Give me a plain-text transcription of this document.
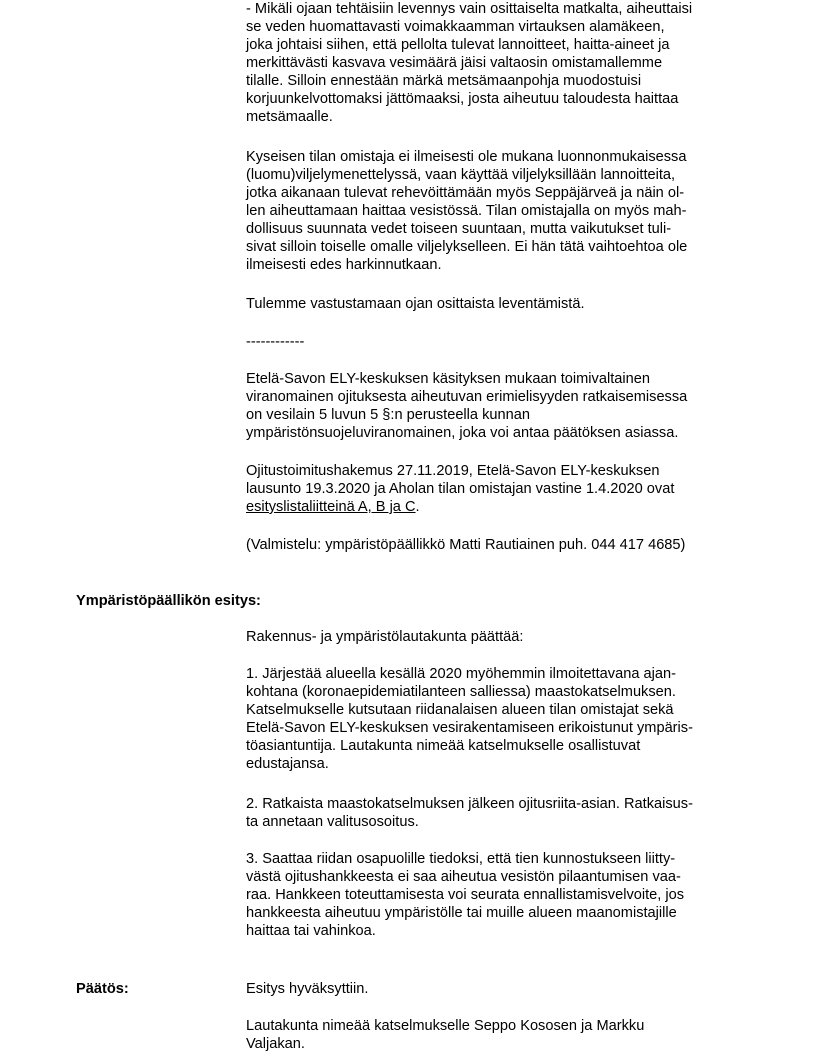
- Mikäli ojaan tehtäisiin levennys vain osittaiselta matkalta, aiheuttaisi
se veden huomattavasti voimakkaamman virtauksen alamäkeen,
joka johtaisi siihen, että pellolta tulevat lannoitteet, haitta-aineet ja
merkittävästi kasvava vesimäärä jäisi valtaosin omistamallemme
tilalle. Silloin ennestään märkä metsämaanpohja muodostuisi
korjuunkelvottomaksi jättömaaksi, josta aiheutuu taloudesta haittaa
metsämaalle.

Kyseisen tilan omistaja ei ilmeisesti ole mukana luonnonmukaisessa
(luomu)viljelymenettelyssä, vaan käyttää viljelyksillään lannoitteita,
jotka aikanaan tulevat rehevöittämään myös Seppäjärveä ja näin ol-
len aiheuttamaan haittaa vesistössä. Tilan omistajalla on myös mah-
dollisuus suunnata vedet toiseen suuntaan, mutta vaikutukset tuli-
sivat silloin toiselle omalle viljelykselleen. Ei hän tätä vaihtoehtoa ole
ilmeisesti edes harkinnutkaan.

Tulemme vastustamaan ojan osittaista leventämistä.

------------

Etelä-Savon ELY-keskuksen käsityksen mukaan toimivaltainen
viranomainen ojituksesta aiheutuvan erimielisyyden ratkaisemisessa
on vesilain 5 luvun 5 §:n perusteella kunnan
ympäristönsuojeluviranomainen, joka voi antaa päätöksen asiassa.

Ojitustoimitushakemus 27.11.2019, Etelä-Savon ELY-keskuksen
lausunto 19.3.2020 ja Aholan tilan omistajan vastine 1.4.2020 ovat
esityslistaliitteinä A, B ja C.

(Valmistelu: ympäristöpäällikkö Matti Rautiainen puh. 044 417 4685)

Ympäristöpäällikön esitys:

Rakennus- ja ympäristölautakunta päättää:

1. Järjestää alueella kesällä 2020 myöhemmin ilmoitettavana ajan-
kohtana (koronaepidemiatilanteen salliessa) maastokatselmuksen.
Katselmukselle kutsutaan riidanalaisen alueen tilan omistajat sekä
Etelä-Savon ELY-keskuksen vesirakentamiseen erikoistunut ympäris-
töasiantuntija. Lautakunta nimeää katselmukselle osallistuvat
edustajansa.

2. Ratkaista maastokatselmuksen jälkeen ojitusriita-asian. Ratkaisus-
ta annetaan valitusosoitus.

3. Saattaa riidan osapuolille tiedoksi, että tien kunnostukseen liitty-
västä ojitushankkeesta ei saa aiheutua vesistön pilaantumisen vaa-
raa. Hankkeen toteuttamisesta voi seurata ennallistamisvelvoite, jos
hankkeesta aiheutuu ympäristölle tai muille alueen maanomistajille
haittaa tai vahinkoa.

Päätös:	Esitys hyväksyttiin.

Lautakunta nimeää katselmukselle Seppo Kososen ja Markku
Valjakan.
